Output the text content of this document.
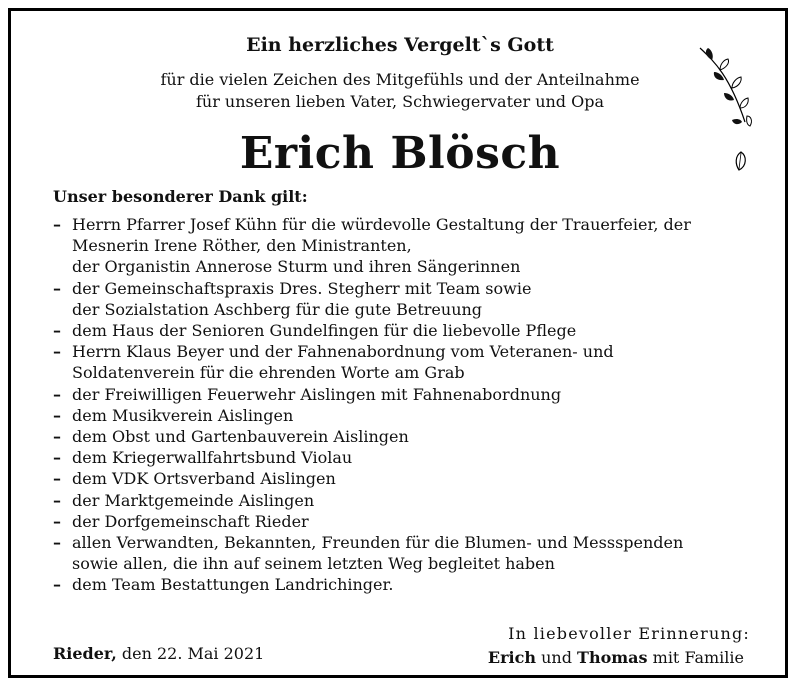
Ein herzliches Vergelt`s Gott
für die vielen Zeichen des Mitgefühls und der Anteilnahme
für unseren lieben Vater, Schwiegervater und Opa
Erich Blösch
Unser besonderer Dank gilt:
– Herrn Pfarrer Josef Kühn für die würdevolle Gestaltung der Trauerfeier, der
Mesnerin Irene Röther, den Ministranten,
der Organistin Annerose Sturm und ihren Sängerinnen
– der Gemeinschaftspraxis Dres. Stegherr mit Team sowie
der Sozialstation Aschberg für die gute Betreuung
– dem Haus der Senioren Gundelfingen für die liebevolle Pflege
– Herrn Klaus Beyer und der Fahnenabordnung vom Veteranen- und
Soldatenverein für die ehrenden Worte am Grab
– der Freiwilligen Feuerwehr Aislingen mit Fahnenabordnung
– dem Musikverein Aislingen
– dem Obst und Gartenbauverein Aislingen
– dem Kriegerwallfahrtsbund Violau
– dem VDK Ortsverband Aislingen
– der Marktgemeinde Aislingen
– der Dorfgemeinschaft Rieder
– allen Verwandten, Bekannten, Freunden für die Blumen- und Messspenden
sowie allen, die ihn auf seinem letzten Weg begleitet haben
– dem Team Bestattungen Landrichinger.
Rieder, den 22. Mai 2021
In liebevoller Erinnerung:
Erich und Thomas mit Familie
